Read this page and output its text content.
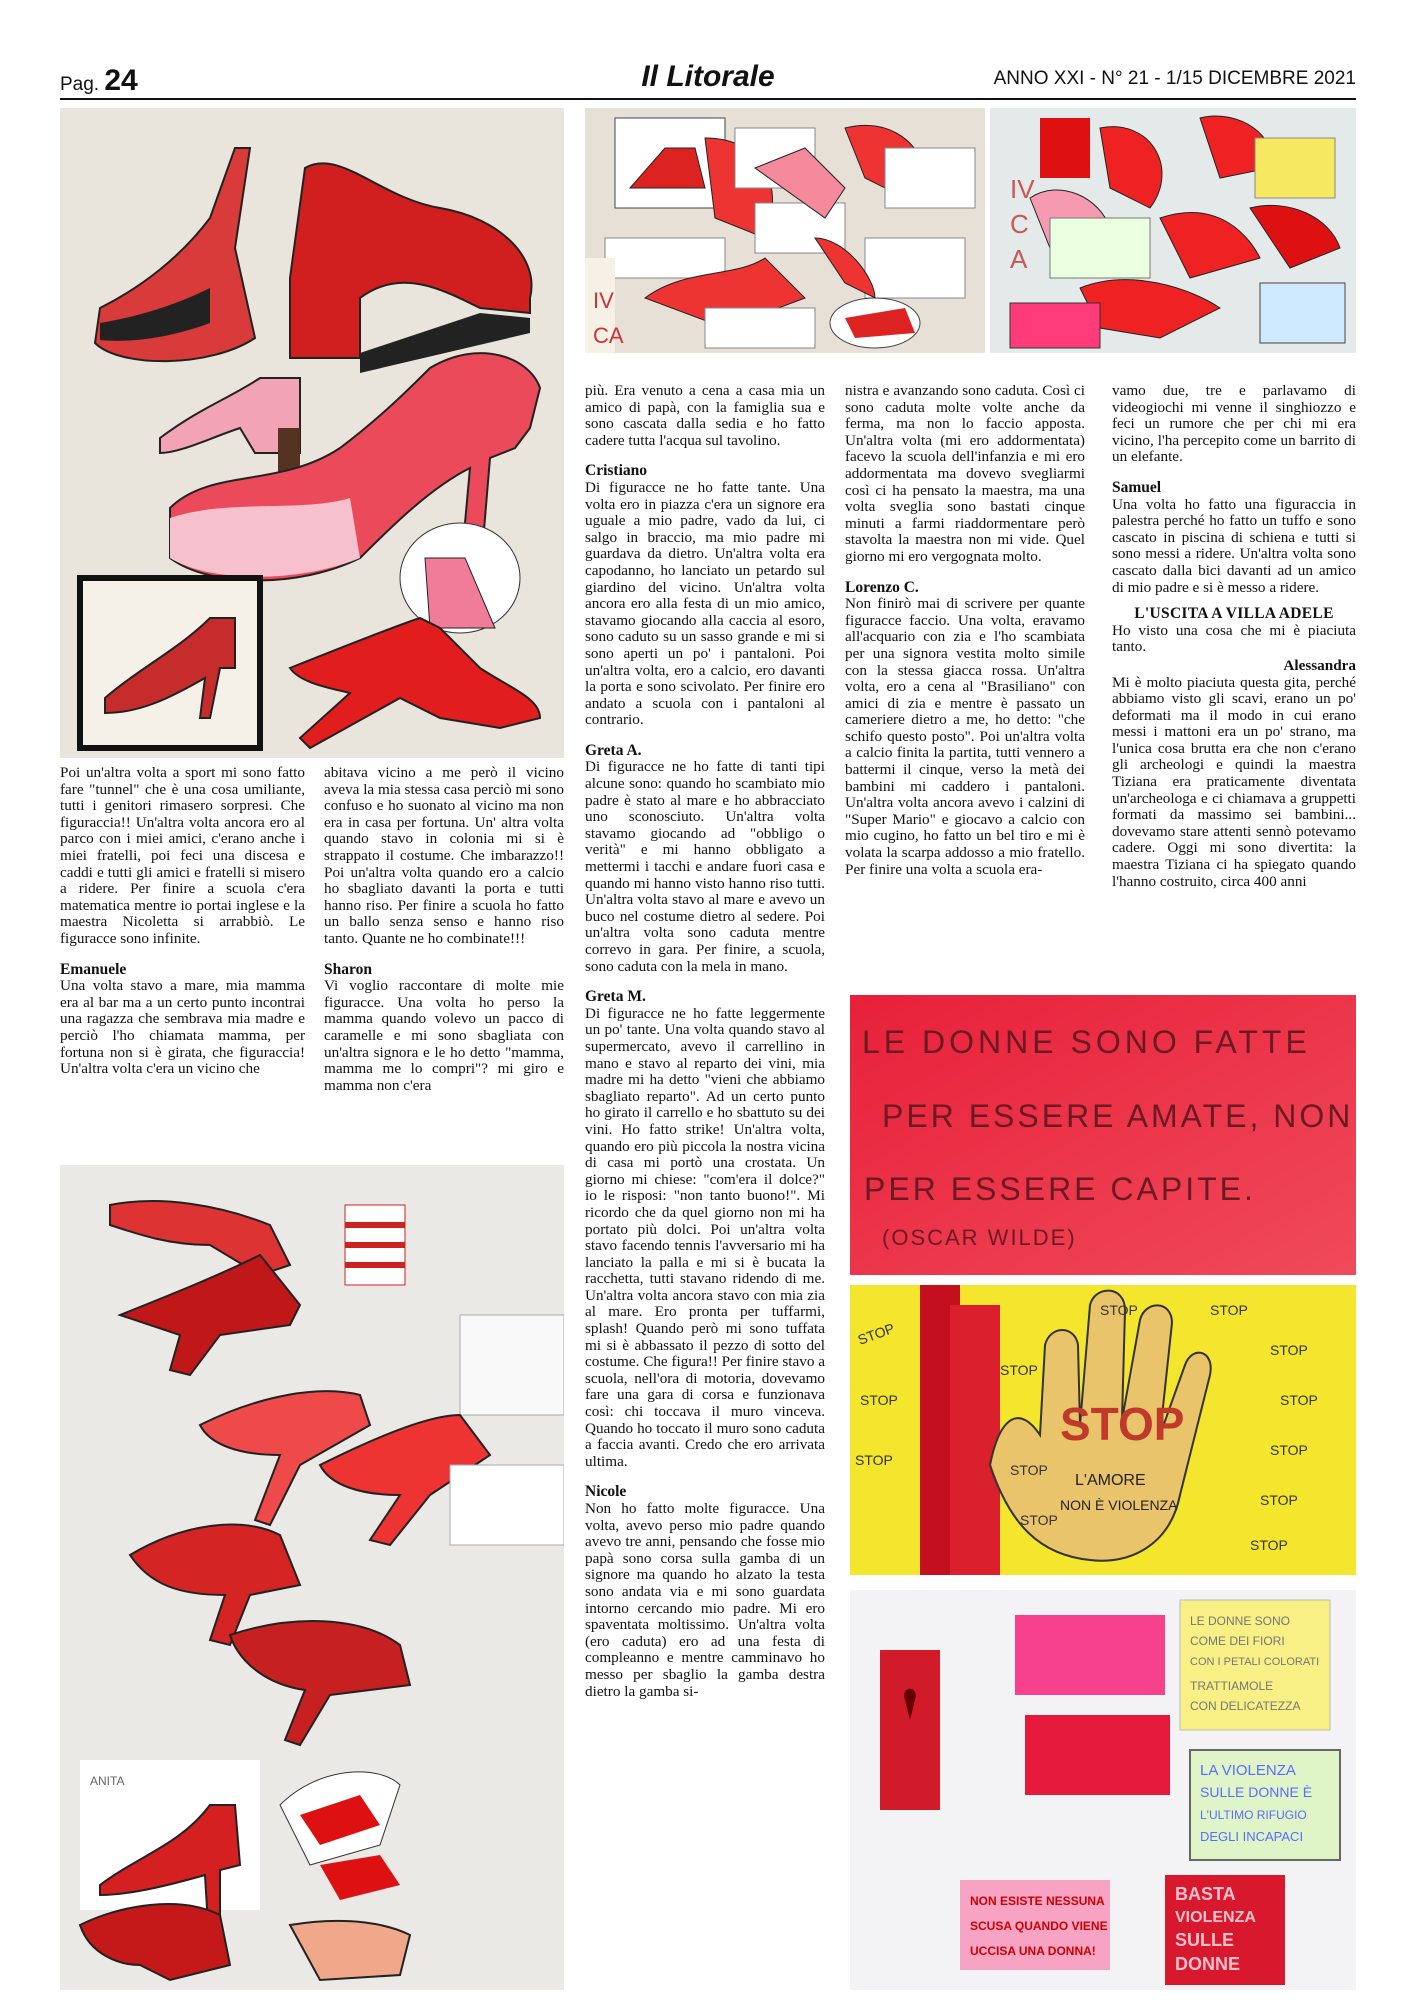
Pag. 24	Il Litorale	ANNO XXI - N° 21 - 1/15 DICEMBRE 2021
IV
CA
IV
C
A

Poi un'altra volta a sport mi sono fatto fare "tunnel" che è una cosa umiliante, tutti i genitori rimasero sorpresi. Che figuraccia!! Un'altra volta ancora ero al parco con i miei amici, c'erano anche i miei fratelli, poi feci una discesa e caddi e tutti gli amici e fratelli si misero a ridere. Per finire a scuola c'era matematica mentre io portai inglese e la maestra Nicoletta si arrabbiò. Le figuracce sono infinite.

Emanuele

Una volta stavo a mare, mia mamma era al bar ma a un certo punto incontrai una ragazza che sembrava mia madre e perciò l'ho chiamata mamma, per fortuna non si è girata, che figuraccia! Un'altra volta c'era un vicino che

abitava vicino a me però il vicino aveva la mia stessa casa perciò mi sono confuso e ho suonato al vicino ma non era in casa per fortuna. Un' altra volta quando stavo in colonia mi si è strappato il costume. Che imbarazzo!! Poi un'altra volta quando ero a calcio ho sbagliato davanti la porta e tutti hanno riso. Per finire a scuola ho fatto un ballo senza senso e hanno riso tanto. Quante ne ho combinate!!!

Sharon

Vi voglio raccontare di molte mie figuracce. Una volta ho perso la mamma quando volevo un pacco di caramelle e mi sono sbagliata con un'altra signora e le ho detto "mamma, mamma me lo compri"? mi giro e mamma non c'era

ANITA

più. Era venuto a cena a casa mia un amico di papà, con la famiglia sua e sono cascata dalla sedia e ho fatto cadere tutta l'acqua sul tavolino.

Cristiano

Di figuracce ne ho fatte tante. Una volta ero in piazza c'era un signore era uguale a mio padre, vado da lui, ci salgo in braccio, ma mio padre mi guardava da dietro. Un'altra volta era capodanno, ho lanciato un petardo sul giardino del vicino. Un'altra volta ancora ero alla festa di un mio amico, stavamo giocando alla caccia al esoro, sono caduto su un sasso grande e mi si sono aperti un po' i pantaloni. Poi un'altra volta, ero a calcio, ero davanti la porta e sono scivolato. Per finire ero andato a scuola con i pantaloni al contrario.

Greta A.

Di figuracce ne ho fatte di tanti tipi alcune sono: quando ho scambiato mio padre è stato al mare e ho abbracciato uno sconosciuto. Un'altra volta stavamo giocando ad "obbligo o verità" e mi hanno obbligato a mettermi i tacchi e andare fuori casa e quando mi hanno visto hanno riso tutti. Un'altra volta stavo al mare e avevo un buco nel costume dietro al sedere. Poi un'altra volta sono caduta mentre correvo in gara. Per finire, a scuola, sono caduta con la mela in mano.

Greta M.

Di figuracce ne ho fatte leggermente un po' tante. Una volta quando stavo al supermercato, avevo il carrellino in mano e stavo al reparto dei vini, mia madre mi ha detto "vieni che abbiamo sbagliato reparto". Ad un certo punto ho girato il carrello e ho sbattuto su dei vini. Ho fatto strike! Un'altra volta, quando ero più piccola la nostra vicina di casa mi portò una crostata. Un giorno mi chiese: "com'era il dolce?" io le risposi: "non tanto buono!". Mi ricordo che da quel giorno non mi ha portato più dolci. Poi un'altra volta stavo facendo tennis l'avversario mi ha lanciato la palla e mi si è bucata la racchetta, tutti stavano ridendo di me. Un'altra volta ancora stavo con mia zia al mare. Ero pronta per tuffarmi, splash! Quando però mi sono tuffata mi si è abbassato il pezzo di sotto del costume. Che figura!! Per finire stavo a scuola, nell'ora di motoria, dovevamo fare una gara di corsa e funzionava così: chi toccava il muro vinceva. Quando ho toccato il muro sono caduta a faccia avanti. Credo che ero arrivata ultima.

Nicole

Non ho fatto molte figuracce. Una volta, avevo perso mio padre quando avevo tre anni, pensando che fosse mio papà sono corsa sulla gamba di un signore ma quando ho alzato la testa sono andata via e mi sono guardata intorno cercando mio padre. Mi ero spaventata moltissimo. Un'altra volta (ero caduta) ero ad una festa di compleanno e mentre camminavo ho messo per sbaglio la gamba destra dietro la gamba si-

nistra e avanzando sono caduta. Così ci sono caduta molte volte anche da ferma, ma non lo faccio apposta. Un'altra volta (mi ero addormentata) facevo la scuola dell'infanzia e mi ero addormentata ma dovevo svegliarmi così ci ha pensato la maestra, ma una volta sveglia sono bastati cinque minuti a farmi riaddormentare però stavolta la maestra non mi vide. Quel giorno mi ero vergognata molto.

Lorenzo C.

Non finirò mai di scrivere per quante figuracce faccio. Una volta, eravamo all'acquario con zia e l'ho scambiata per una signora vestita molto simile con la stessa giacca rossa. Un'altra volta, ero a cena al "Brasiliano" con amici di zia e mentre è passato un cameriere dietro a me, ho detto: "che schifo questo posto". Poi un'altra volta a calcio finita la partita, tutti vennero a battermi il cinque, verso la metà dei bambini mi caddero i pantaloni. Un'altra volta ancora avevo i calzini di "Super Mario" e giocavo a calcio con mio cugino, ho fatto un bel tiro e mi è volata la scarpa addosso a mio fratello. Per finire una volta a scuola era-

vamo due, tre e parlavamo di videogiochi mi venne il singhiozzo e feci un rumore che per chi mi era vicino, l'ha percepito come un barrito di un elefante.

Samuel

Una volta ho fatto una figuraccia in palestra perché ho fatto un tuffo e sono cascato in piscina di schiena e tutti si sono messi a ridere. Un'altra volta sono cascato dalla bici davanti ad un amico di mio padre e si è messo a ridere.

L'USCITA A VILLA ADELE

Ho visto una cosa che mi è piaciuta tanto.

Alessandra

Mi è molto piaciuta questa gita, perché abbiamo visto gli scavi, erano un po' deformati ma il modo in cui erano messi i mattoni era un po' strano, ma l'unica cosa brutta era che non c'erano gli archeologi e quindi la maestra Tiziana era praticamente diventata un'archeologa e ci chiamava a gruppetti formati da massimo sei bambini... dovevamo stare attenti sennò potevamo cadere. Oggi mi sono divertita: la maestra Tiziana ci ha spiegato quando l'hanno costruito, circa 400 anni

LE DONNE SONO FATTE
PER ESSERE AMATE, NON
PER ESSERE CAPITE.
(OSCAR WILDE)
STOP
L'AMORE
NON È VIOLENZA
STOP
STOP
STOP
STOP
STOP
STOP
STOP
STOP
STOP
STOP
STOP
STOP
STOP
LE DONNE SONO
COME DEI FIORI
CON I PETALI COLORATI
TRATTIAMOLE
CON DELICATEZZA
LA VIOLENZA
SULLE DONNE È
L'ULTIMO RIFUGIO
DEGLI INCAPACI
NON ESISTE NESSUNA
SCUSA QUANDO VIENE
UCCISA UNA DONNA!
BASTA
VIOLENZA
SULLE
DONNE
